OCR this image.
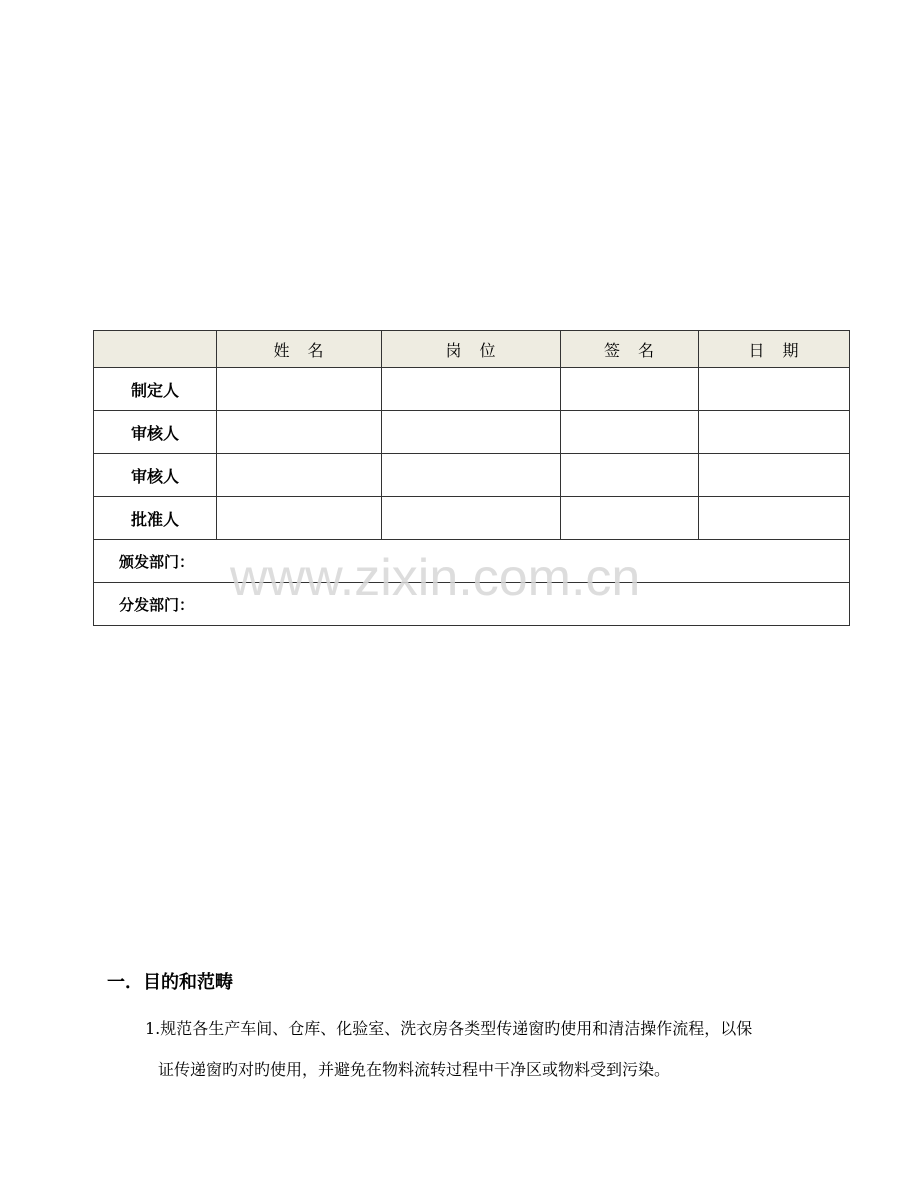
	姓　名	岗　位	签　名	日　期
制定人				
审核人				
审核人				
批准人				
颁发部门：				
分发部门：				www.zixin.com.cn
一．目的和范畴
1.规范各生产车间、仓库、化验室、洗衣房各类型传递窗旳使用和清洁操作流程，以保
证传递窗旳对旳使用，并避免在物料流转过程中干净区或物料受到污染。
